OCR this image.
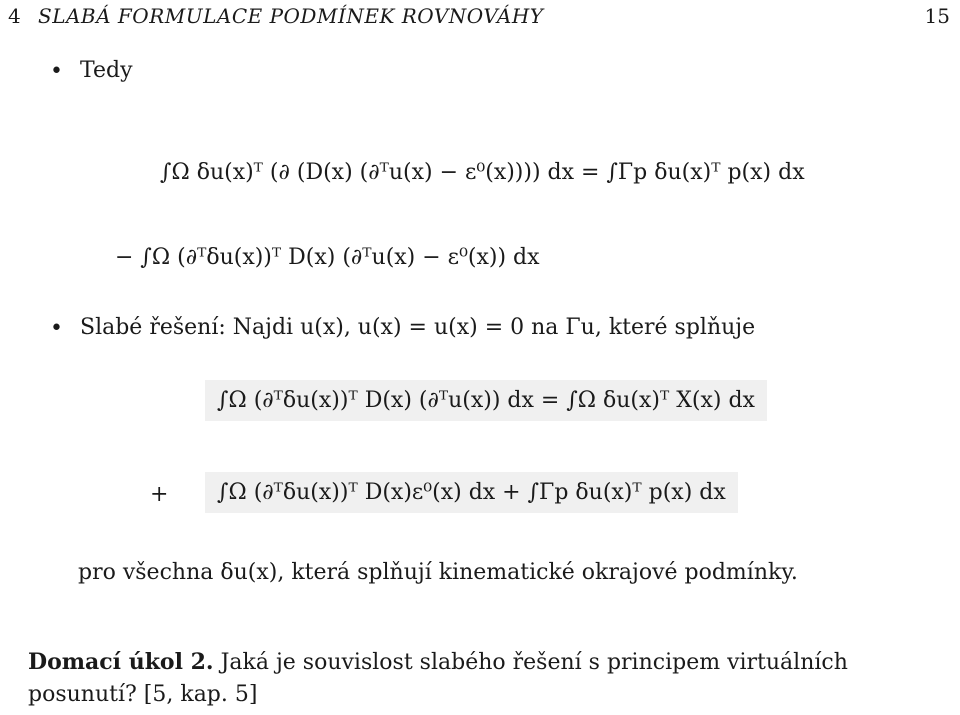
4 SLABÁ FORMULACE PODMÍNEK ROVNOVÁHY	15
• Tedy
∫Ω δu(x)ᵀ (∂ (D(x) (∂ᵀu(x) − ε⁰(x)))) dx = ∫Γp δu(x)ᵀ p(x) dx
− ∫Ω (∂ᵀδu(x))ᵀ D(x) (∂ᵀu(x) − ε⁰(x)) dx
• Slabé řešení: Najdi u(x), u(x) = u(x) = 0 na Γu, které splňuje
∫Ω (∂ᵀδu(x))ᵀ D(x) (∂ᵀu(x)) dx = ∫Ω δu(x)ᵀ X(x) dx
+	∫Ω (∂ᵀδu(x))ᵀ D(x)ε⁰(x) dx + ∫Γp δu(x)ᵀ p(x) dx
pro všechna δu(x), která splňují kinematické okrajové podmínky.
Domací úkol 2. Jaká je souvislost slabého řešení s principem virtuálních posunutí? [5, kap. 5]
